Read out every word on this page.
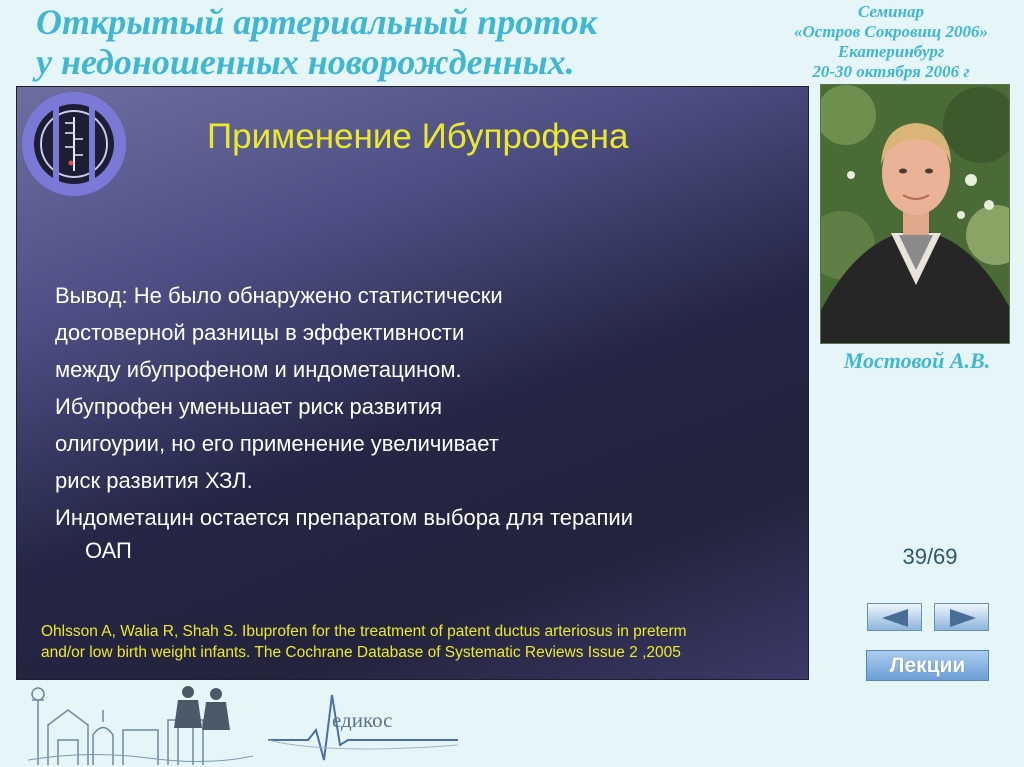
Открытый артериальный проток
у недоношенных новорожденных.
Семинар
«Остров Сокровищ 2006»
Екатеринбург
20-30 октября 2006 г
Применение Ибупрофена
Вывод: Не было обнаружено статистически
достоверной разницы в эффективности
между ибупрофеном и индометацином.
Ибупрофен уменьшает риск развития
олигоурии, но его применение увеличивает
риск развития ХЗЛ.
Индометацин остается препаратом выбора для терапии
ОАП
Ohlsson A, Walia R, Shah S. Ibuprofen for the treatment of patent ductus arteriosus in preterm
and/or low birth weight infants. The Cochrane Database of Systematic Reviews Issue 2 ,2005
Мостовой А.В.
39/69
Лекции
едикос
